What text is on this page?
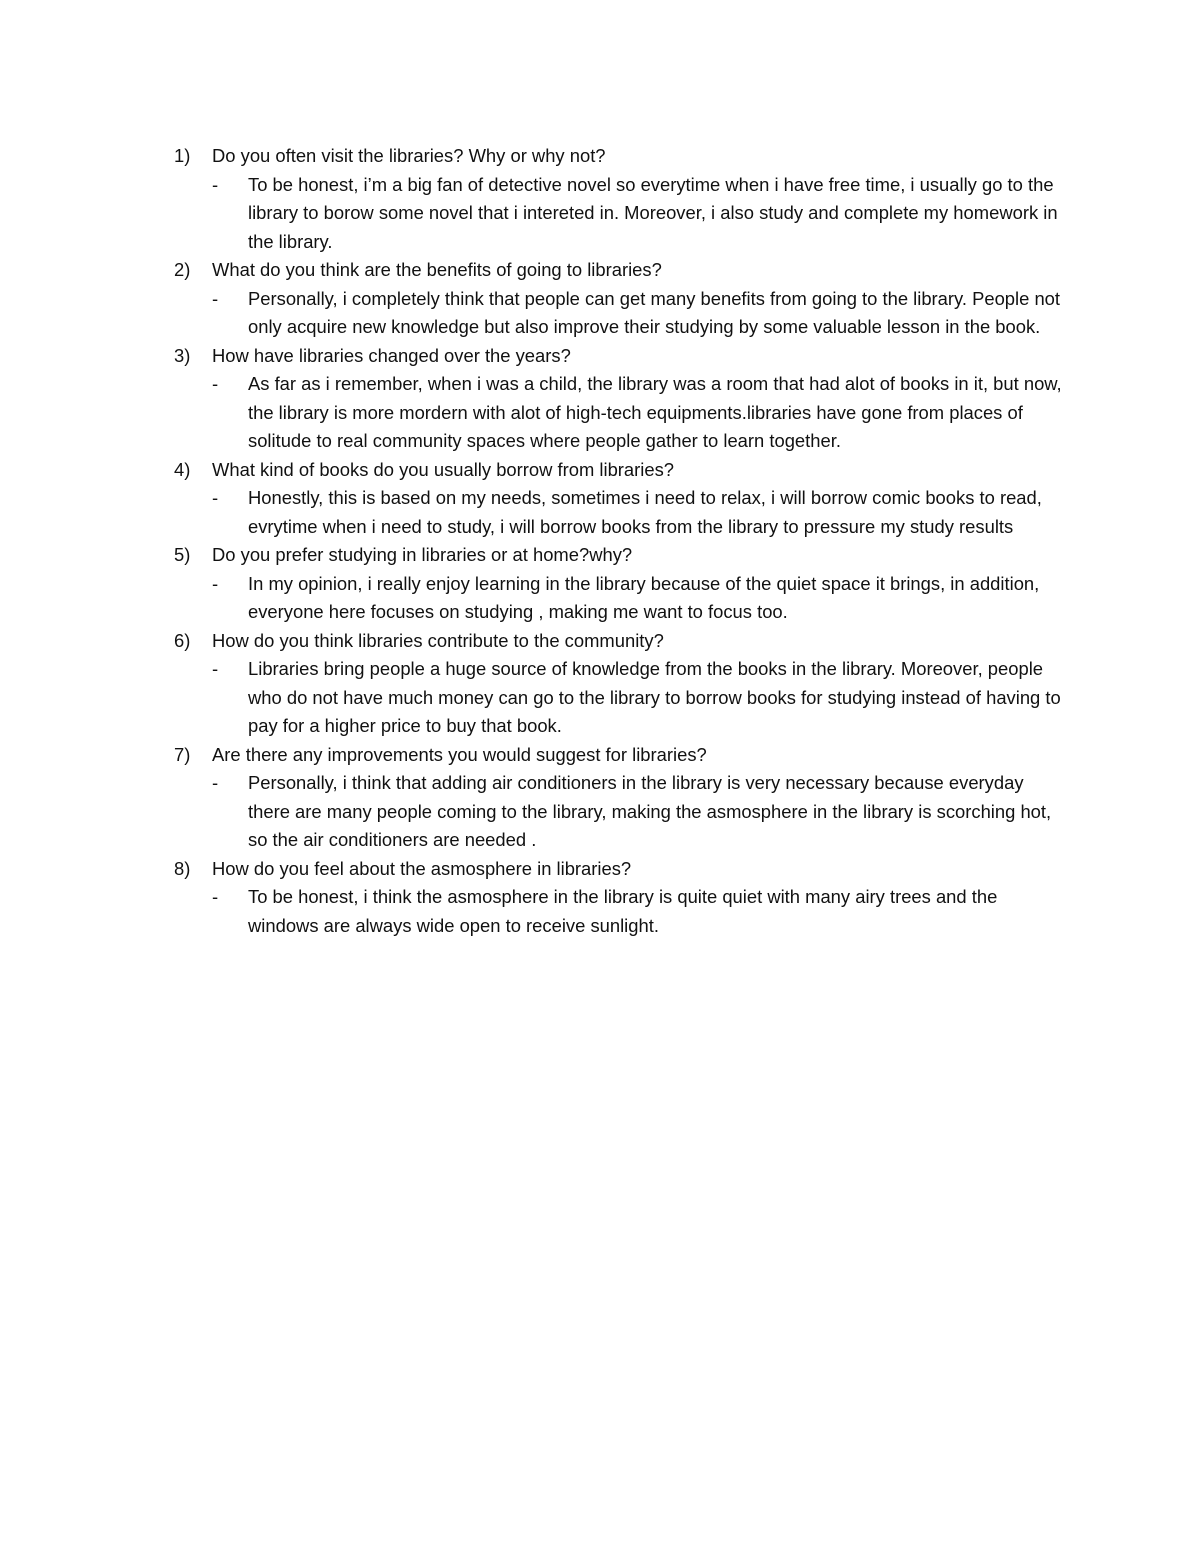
1)	Do you often visit the libraries? Why or why not?
-	To be honest, i’m a big fan of detective novel so everytime when i have free time, i usually go to the library to borow some novel that i intereted in. Moreover, i also study and complete my homework in the library.
2)	What do you think are the benefits of going to libraries?
-	Personally, i completely think that people can get many benefits from going to the library. People not only acquire new knowledge but also improve their studying by some valuable lesson in the book.
3)	How have libraries changed over the years?
-	As far as i remember, when i was a child, the library was a room that had alot of books in it, but now, the library is more mordern with alot of high-tech equipments.libraries have gone from places of solitude to real community spaces where people gather to learn together.
4)	What kind of books do you usually borrow from libraries?
-	Honestly, this is based on my needs, sometimes i need to relax, i will borrow comic books to read, evrytime when i need to study, i will borrow books from the library to pressure my study results
5)	Do you prefer studying in libraries or at home?why?
-	In my opinion, i really enjoy learning in the library because of the quiet space it brings, in addition, everyone here focuses on studying , making me want to focus too.
6)	How do you think libraries contribute to the community?
-	Libraries bring people a huge source of knowledge from the books in the library. Moreover, people who do not have much money can go to the library to borrow books for studying instead of having to pay for a higher price to buy that book.
7)	Are there any improvements you would suggest for libraries?
-	Personally, i think that adding air conditioners in the library is very necessary because everyday there are many people coming to the library, making the asmosphere in the library is scorching hot, so the air conditioners are needed .
8)	How do you feel about the asmosphere in libraries?
-	To be honest, i think the asmosphere in the library is quite quiet with many airy trees and the windows are always wide open to receive sunlight.
